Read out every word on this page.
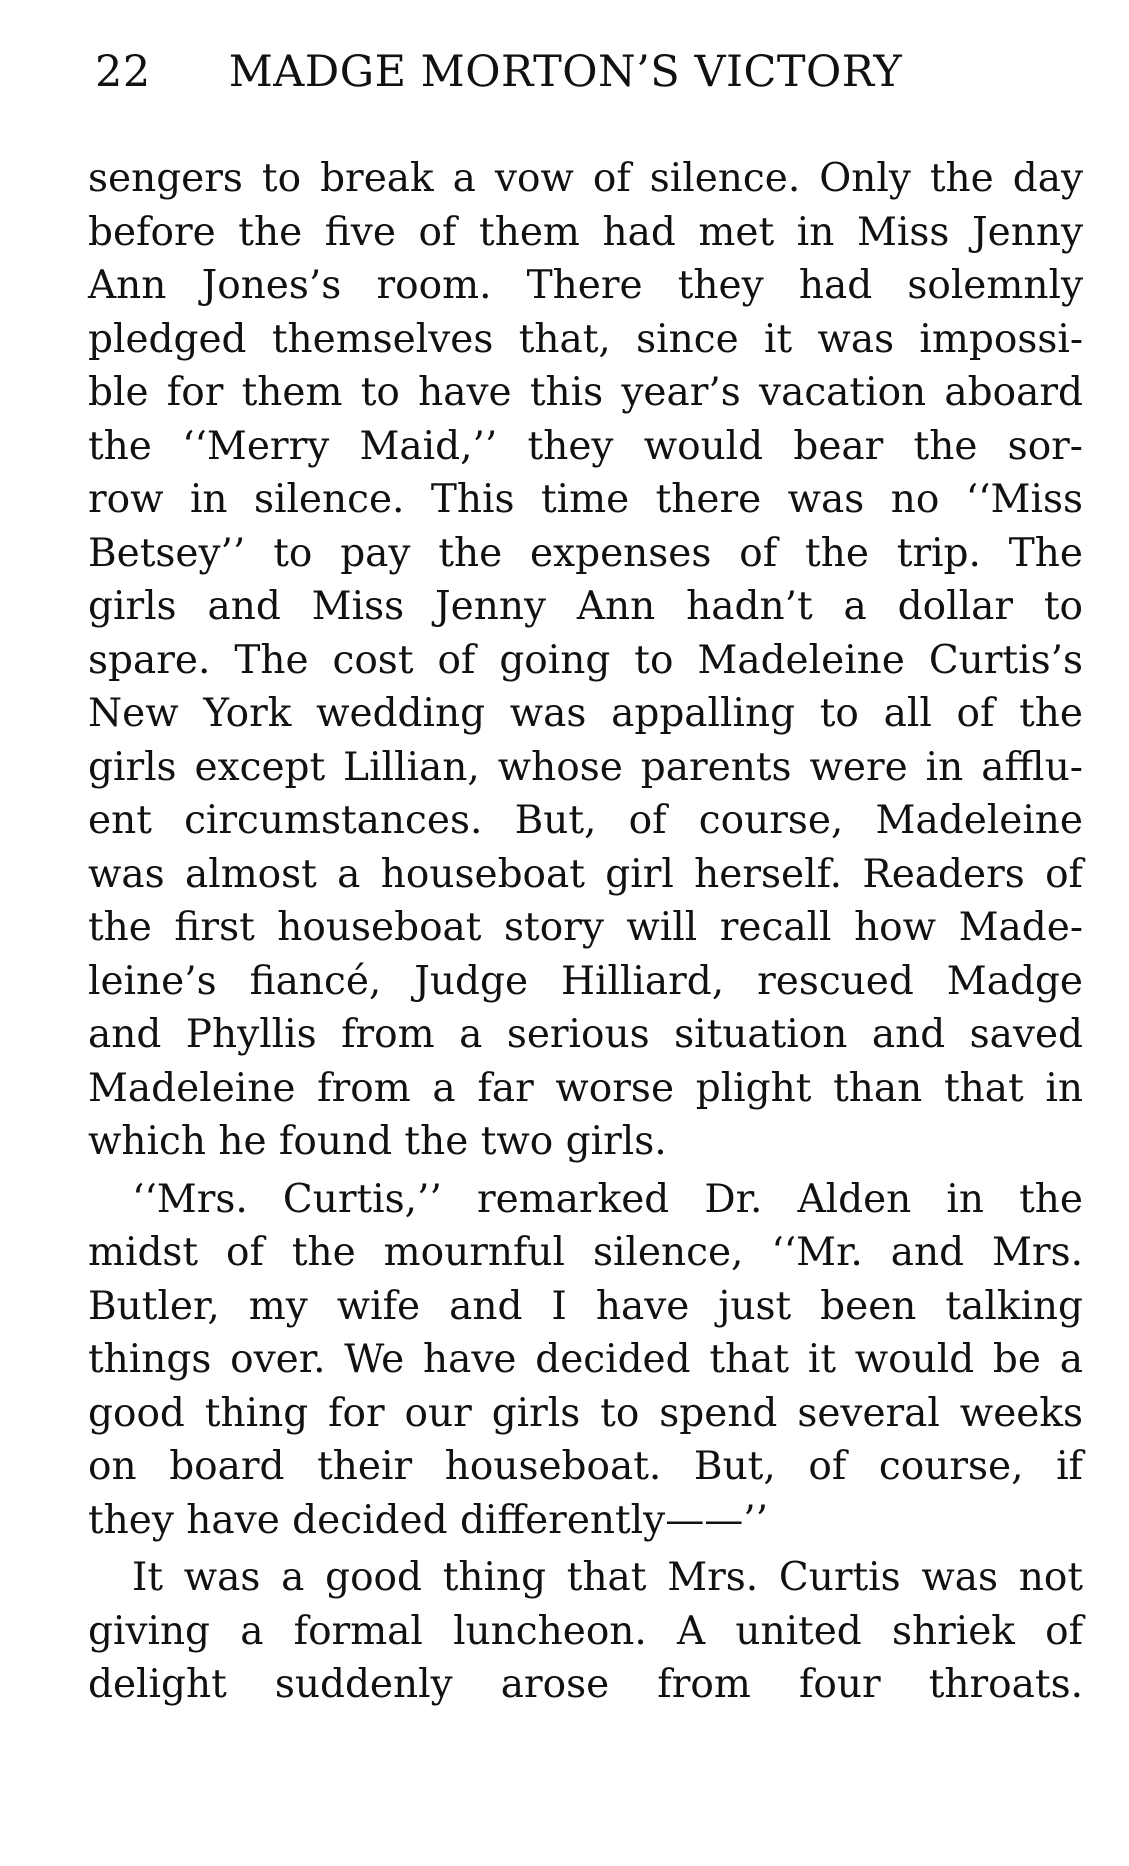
22 MADGE MORTON’S VICTORY
sengers to break a vow of silence. Only the day
before the five of them had met in Miss Jenny
Ann Jones’s room. There they had solemnly
pledged themselves that, since it was impossi-
ble for them to have this year’s vacation aboard
the ‘‘Merry Maid,’’ they would bear the sor-
row in silence. This time there was no ‘‘Miss
Betsey’’ to pay the expenses of the trip. The
girls and Miss Jenny Ann hadn’t a dollar to
spare. The cost of going to Madeleine Curtis’s
New York wedding was appalling to all of the
girls except Lillian, whose parents were in afflu-
ent circumstances. But, of course, Madeleine
was almost a houseboat girl herself. Readers of
the first houseboat story will recall how Made-
leine’s fiancé, Judge Hilliard, rescued Madge
and Phyllis from a serious situation and saved
Madeleine from a far worse plight than that in
which he found the two girls.
‘‘Mrs. Curtis,’’ remarked Dr. Alden in the
midst of the mournful silence, ‘‘Mr. and Mrs.
Butler, my wife and I have just been talking
things over. We have decided that it would be a
good thing for our girls to spend several weeks
on board their houseboat. But, of course, if
they have decided differently——’’
It was a good thing that Mrs. Curtis was not
giving a formal luncheon. A united shriek of
delight suddenly arose from four throats.
